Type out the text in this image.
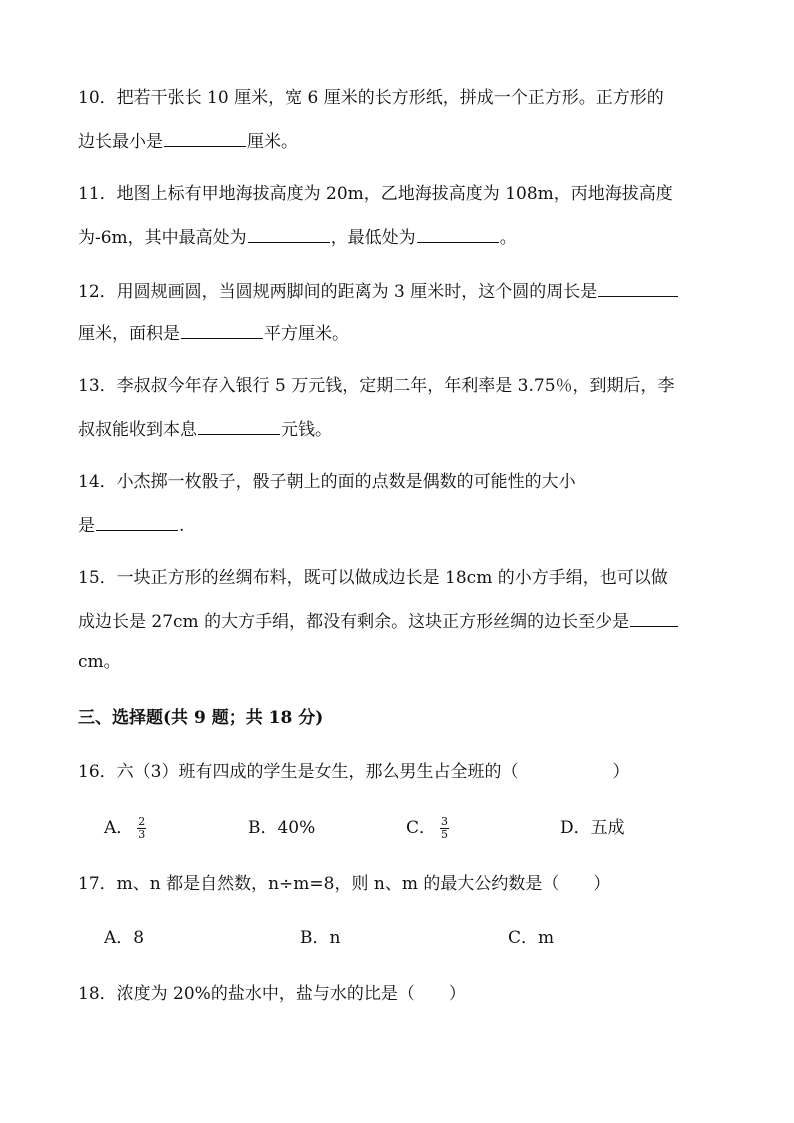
10．把若干张长 10 厘米，宽 6 厘米的长方形纸，拼成一个正方形。正方形的
边长最小是	厘米。
11．地图上标有甲地海拔高度为 20m，乙地海拔高度为 108m，丙地海拔高度
为-6m，其中最高处为	，最低处为	。
12．用圆规画圆，当圆规两脚间的距离为 3 厘米时，这个圆的周长是
厘米，面积是	平方厘米。
13．李叔叔今年存入银行 5 万元钱，定期二年，年利率是 3.75％，到期后，李
叔叔能收到本息	元钱。
14．小杰掷一枚骰子，骰子朝上的面的点数是偶数的可能性的大小
是	.
15．一块正方形的丝绸布料，既可以做成边长是 18cm 的小方手绢，也可以做
成边长是 27cm 的大方手绢，都没有剩余。这块正方形丝绸的边长至少是
cm。
三、选择题(共 9 题；共 18 分)
16．六（3）班有四成的学生是女生，那么男生占全班的（	）
A． $\frac{2}{3}$	B．40%	C． $\frac{3}{5}$	D．五成
17．m、n 都是自然数，n÷m=8，则 n、m 的最大公约数是（　　）
A．8	B．n	C．m
18．浓度为 20%的盐水中，盐与水的比是（　　）
